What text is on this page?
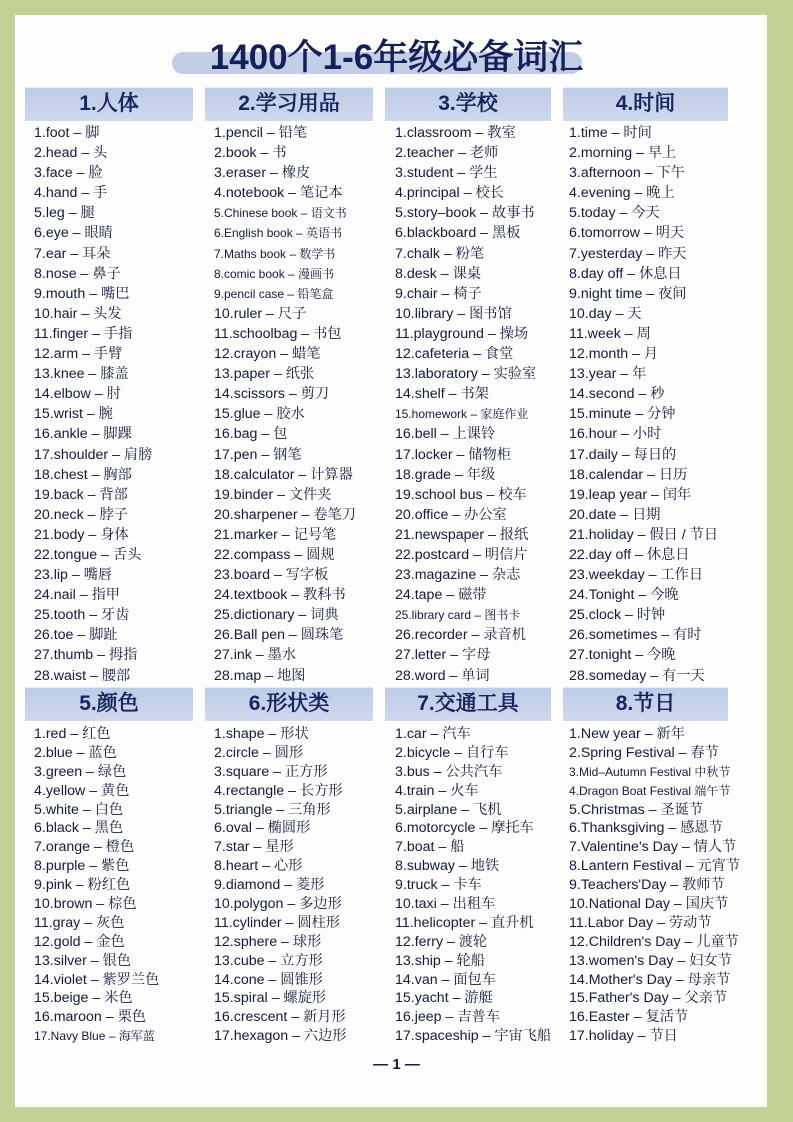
1400个1-6年级必备词汇
1.人体
1.foot – 脚
2.head – 头
3.face – 脸
4.hand – 手
5.leg – 腿
6.eye – 眼睛
7.ear – 耳朵
8.nose – 鼻子
9.mouth – 嘴巴
10.hair – 头发
11.finger – 手指
12.arm – 手臂
13.knee – 膝盖
14.elbow – 肘
15.wrist – 腕
16.ankle – 脚踝
17.shoulder – 肩膀
18.chest – 胸部
19.back – 背部
20.neck – 脖子
21.body – 身体
22.tongue – 舌头
23.lip – 嘴唇
24.nail – 指甲
25.tooth – 牙齿
26.toe – 脚趾
27.thumb – 拇指
28.waist – 腰部
2.学习用品
1.pencil – 铅笔
2.book – 书
3.eraser – 橡皮
4.notebook – 笔记本
5.Chinese book – 语文书
6.English book – 英语书
7.Maths book – 数学书
8.comic book – 漫画书
9.pencil case – 铅笔盒
10.ruler – 尺子
11.schoolbag – 书包
12.crayon – 蜡笔
13.paper – 纸张
14.scissors – 剪刀
15.glue – 胶水
16.bag – 包
17.pen – 钢笔
18.calculator – 计算器
19.binder – 文件夹
20.sharpener – 卷笔刀
21.marker – 记号笔
22.compass – 圆规
23.board – 写字板
24.textbook – 教科书
25.dictionary – 词典
26.Ball pen – 圆珠笔
27.ink – 墨水
28.map – 地图
3.学校
1.classroom – 教室
2.teacher – 老师
3.student – 学生
4.principal – 校长
5.story–book – 故事书
6.blackboard – 黑板
7.chalk – 粉笔
8.desk – 课桌
9.chair – 椅子
10.library – 图书馆
11.playground – 操场
12.cafeteria – 食堂
13.laboratory – 实验室
14.shelf – 书架
15.homework – 家庭作业
16.bell – 上课铃
17.locker – 储物柜
18.grade – 年级
19.school bus – 校车
20.office – 办公室
21.newspaper – 报纸
22.postcard – 明信片
23.magazine – 杂志
24.tape – 磁带
25.library card – 图书卡
26.recorder – 录音机
27.letter – 字母
28.word – 单词
4.时间
1.time – 时间
2.morning – 早上
3.afternoon – 下午
4.evening – 晚上
5.today – 今天
6.tomorrow – 明天
7.yesterday – 昨天
8.day off – 休息日
9.night time – 夜间
10.day – 天
11.week – 周
12.month – 月
13.year – 年
14.second – 秒
15.minute – 分钟
16.hour – 小时
17.daily – 每日的
18.calendar – 日历
19.leap year – 闰年
20.date – 日期
21.holiday – 假日 / 节日
22.day off – 休息日
23.weekday – 工作日
24.Tonight – 今晚
25.clock – 时钟
26.sometimes – 有时
27.tonight – 今晚
28.someday – 有一天
5.颜色
1.red – 红色
2.blue – 蓝色
3.green – 绿色
4.yellow – 黄色
5.white – 白色
6.black – 黑色
7.orange – 橙色
8.purple – 紫色
9.pink – 粉红色
10.brown – 棕色
11.gray – 灰色
12.gold – 金色
13.silver – 银色
14.violet – 紫罗兰色
15.beige – 米色
16.maroon – 栗色
17.Navy Blue – 海军蓝
6.形状类
1.shape – 形状
2.circle – 圆形
3.square – 正方形
4.rectangle – 长方形
5.triangle – 三角形
6.oval – 椭圆形
7.star – 星形
8.heart – 心形
9.diamond – 菱形
10.polygon – 多边形
11.cylinder – 圆柱形
12.sphere – 球形
13.cube – 立方形
14.cone – 圆锥形
15.spiral – 螺旋形
16.crescent – 新月形
17.hexagon – 六边形
7.交通工具
1.car – 汽车
2.bicycle – 自行车
3.bus – 公共汽车
4.train – 火车
5.airplane – 飞机
6.motorcycle – 摩托车
7.boat – 船
8.subway – 地铁
9.truck – 卡车
10.taxi – 出租车
11.helicopter – 直升机
12.ferry – 渡轮
13.ship – 轮船
14.van – 面包车
15.yacht – 游艇
16.jeep – 吉普车
17.spaceship – 宇宙飞船
8.节日
1.New year – 新年
2.Spring Festival – 春节
3.Mid–Autumn Festival 中秋节
4.Dragon Boat Festival 端午节
5.Christmas – 圣诞节
6.Thanksgiving – 感恩节
7.Valentine's Day – 情人节
8.Lantern Festival – 元宵节
9.Teachers'Day – 教师节
10.National Day – 国庆节
11.Labor Day – 劳动节
12.Children's Day – 儿童节
13.women's Day – 妇女节
14.Mother's Day – 母亲节
15.Father's Day – 父亲节
16.Easter – 复活节
17.holiday – 节日
— 1 —
